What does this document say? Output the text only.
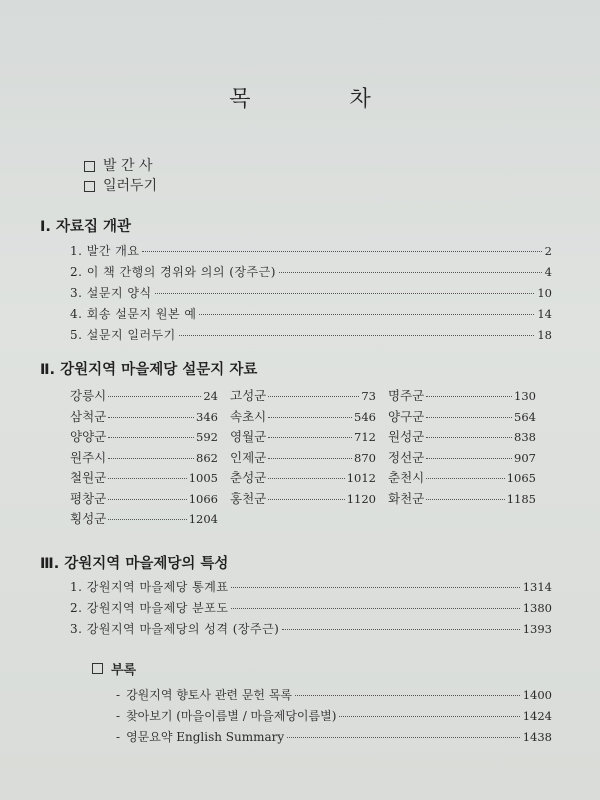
목 차
발 간 사
일러두기
Ⅰ. 자료집 개관
1. 발간 개요	2
2. 이 책 간행의 경위와 의의 (장주근)	4
3. 설문지 양식	10
4. 회송 설문지 원본 예	14
5. 설문지 일러두기	18
Ⅱ. 강원지역 마을제당 설문지 자료
강릉시	24 고성군	73 명주군	130
삼척군	346 속초시	546 양구군	564
양양군	592 영월군	712 원성군	838
원주시	862 인제군	870 정선군	907
철원군	1005 춘성군	1012 춘천시	1065
평창군	1066 홍천군	1120 화천군	1185
횡성군	1204
Ⅲ. 강원지역 마을제당의 특성
1. 강원지역 마을제당 통계표	1314
2. 강원지역 마을제당 분포도	1380
3. 강원지역 마을제당의 성격 (장주근)	1393
부록
- 강원지역 향토사 관련 문헌 목록	1400
- 찾아보기 (마을이름별 / 마을제당이름별)	1424
- 영문요약 English Summary	1438
